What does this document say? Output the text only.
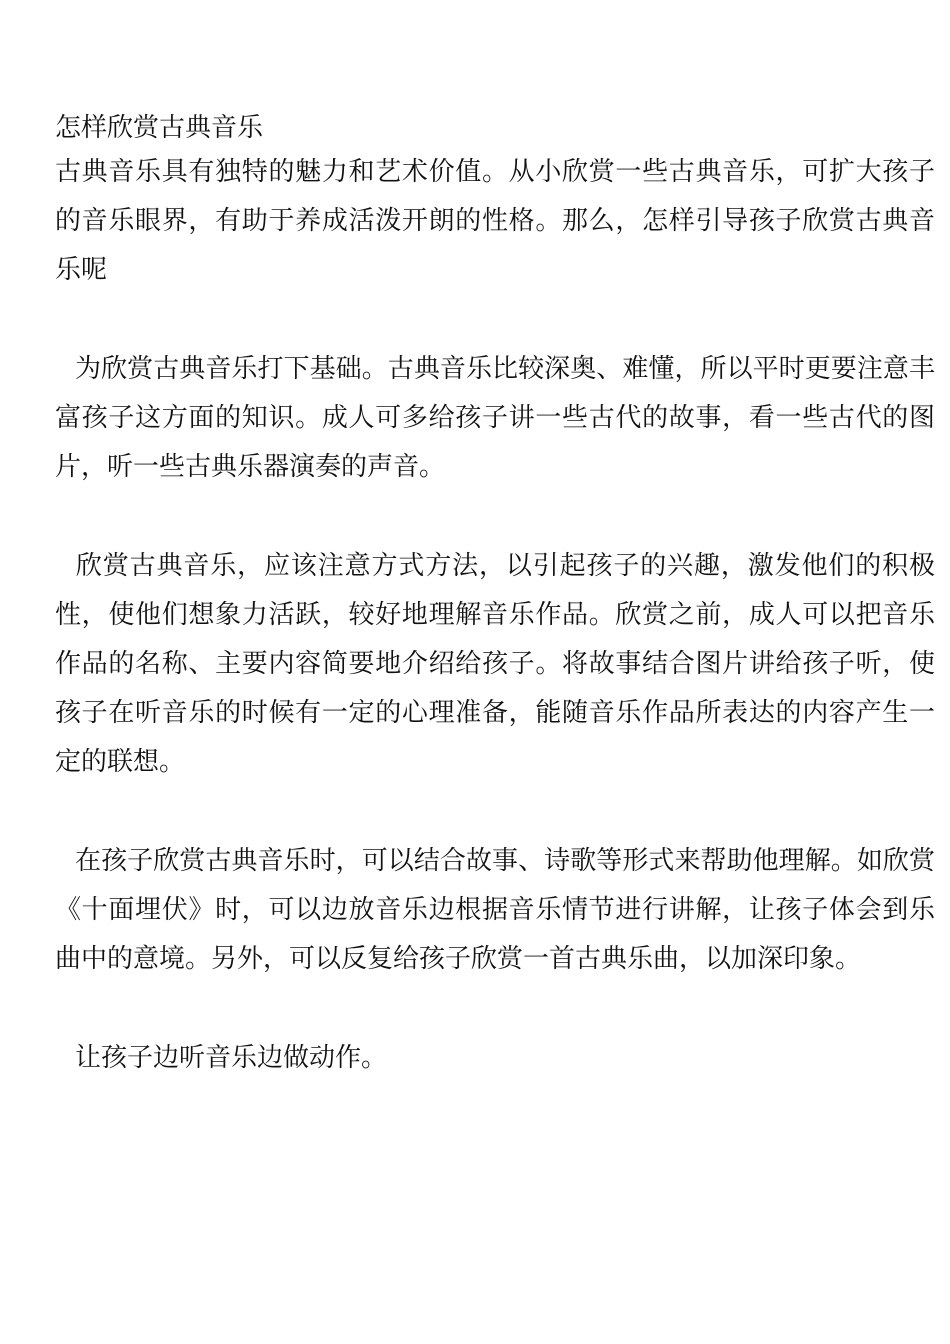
怎样欣赏古典音乐

古典音乐具有独特的魅力和艺术价值。从小欣赏一些古典音乐，可扩大孩子的音乐眼界，有助于养成活泼开朗的性格。那么，怎样引导孩子欣赏古典音乐呢

为欣赏古典音乐打下基础。古典音乐比较深奥、难懂，所以平时更要注意丰富孩子这方面的知识。成人可多给孩子讲一些古代的故事，看一些古代的图片，听一些古典乐器演奏的声音。

欣赏古典音乐，应该注意方式方法，以引起孩子的兴趣，激发他们的积极性，使他们想象力活跃，较好地理解音乐作品。欣赏之前，成人可以把音乐作品的名称、主要内容简要地介绍给孩子。将故事结合图片讲给孩子听，使孩子在听音乐的时候有一定的心理准备，能随音乐作品所表达的内容产生一定的联想。

在孩子欣赏古典音乐时，可以结合故事、诗歌等形式来帮助他理解。如欣赏《十面埋伏》时，可以边放音乐边根据音乐情节进行讲解，让孩子体会到乐曲中的意境。另外，可以反复给孩子欣赏一首古典乐曲，以加深印象。

让孩子边听音乐边做动作。
